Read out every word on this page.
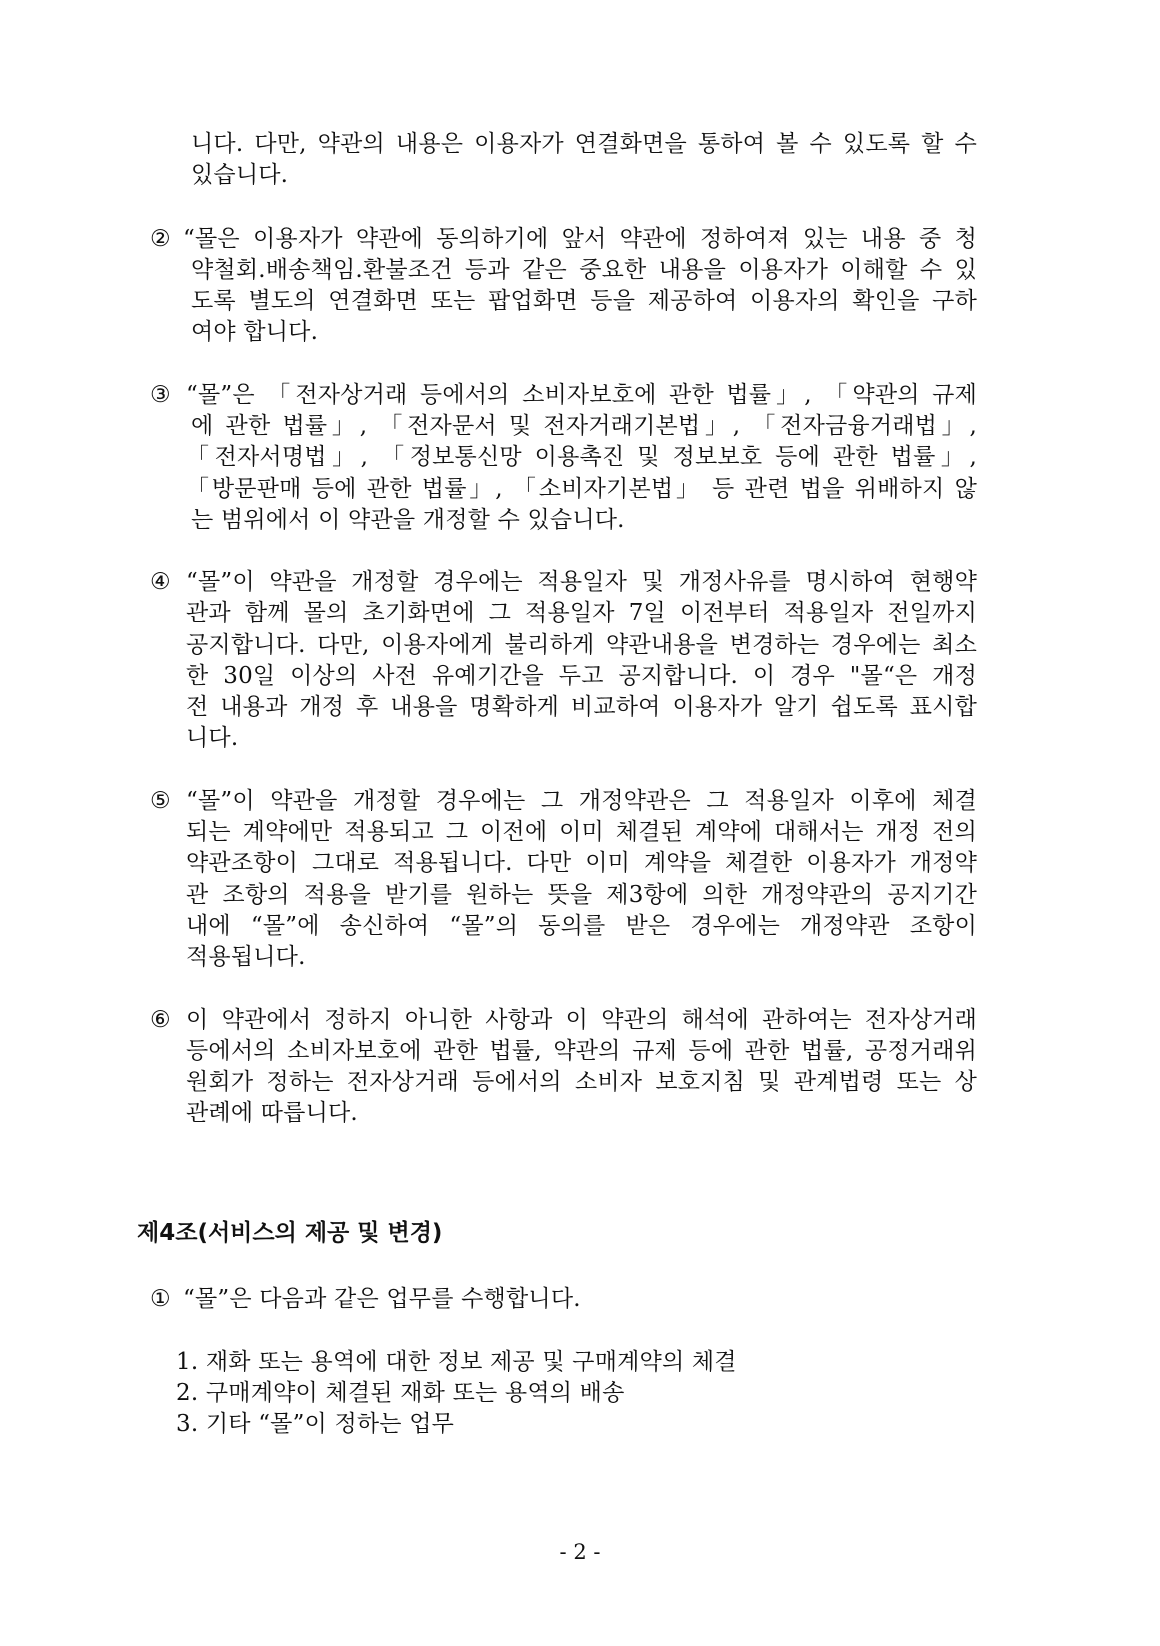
니다. 다만, 약관의 내용은 이용자가 연결화면을 통하여 볼 수 있도록 할 수
있습니다.
② “몰은 이용자가 약관에 동의하기에 앞서 약관에 정하여져 있는 내용 중 청
약철회.배송책임.환불조건 등과 같은 중요한 내용을 이용자가 이해할 수 있
도록 별도의 연결화면 또는 팝업화면 등을 제공하여 이용자의 확인을 구하
여야 합니다.
③ “몰”은 「전자상거래 등에서의 소비자보호에 관한 법률」, 「약관의 규제
에 관한 법률」, 「전자문서 및 전자거래기본법」, 「전자금융거래법」,
「전자서명법」, 「정보통신망 이용촉진 및 정보보호 등에 관한 법률」,
「방문판매 등에 관한 법률」, 「소비자기본법」 등 관련 법을 위배하지 않
는 범위에서 이 약관을 개정할 수 있습니다.
④ “몰”이 약관을 개정할 경우에는 적용일자 및 개정사유를 명시하여 현행약
관과 함께 몰의 초기화면에 그 적용일자 7일 이전부터 적용일자 전일까지
공지합니다. 다만, 이용자에게 불리하게 약관내용을 변경하는 경우에는 최소
한 30일 이상의 사전 유예기간을 두고 공지합니다. 이 경우 "몰“은 개정
전 내용과 개정 후 내용을 명확하게 비교하여 이용자가 알기 쉽도록 표시합
니다.
⑤ “몰”이 약관을 개정할 경우에는 그 개정약관은 그 적용일자 이후에 체결
되는 계약에만 적용되고 그 이전에 이미 체결된 계약에 대해서는 개정 전의
약관조항이 그대로 적용됩니다. 다만 이미 계약을 체결한 이용자가 개정약
관 조항의 적용을 받기를 원하는 뜻을 제3항에 의한 개정약관의 공지기간
내에 “몰”에 송신하여 “몰”의 동의를 받은 경우에는 개정약관 조항이
적용됩니다.
⑥ 이 약관에서 정하지 아니한 사항과 이 약관의 해석에 관하여는 전자상거래
등에서의 소비자보호에 관한 법률, 약관의 규제 등에 관한 법률, 공정거래위
원회가 정하는 전자상거래 등에서의 소비자 보호지침 및 관계법령 또는 상
관례에 따릅니다.
제4조(서비스의 제공 및 변경)
① “몰”은 다음과 같은 업무를 수행합니다.
1. 재화 또는 용역에 대한 정보 제공 및 구매계약의 체결
2. 구매계약이 체결된 재화 또는 용역의 배송
3. 기타 “몰”이 정하는 업무
- 2 -
